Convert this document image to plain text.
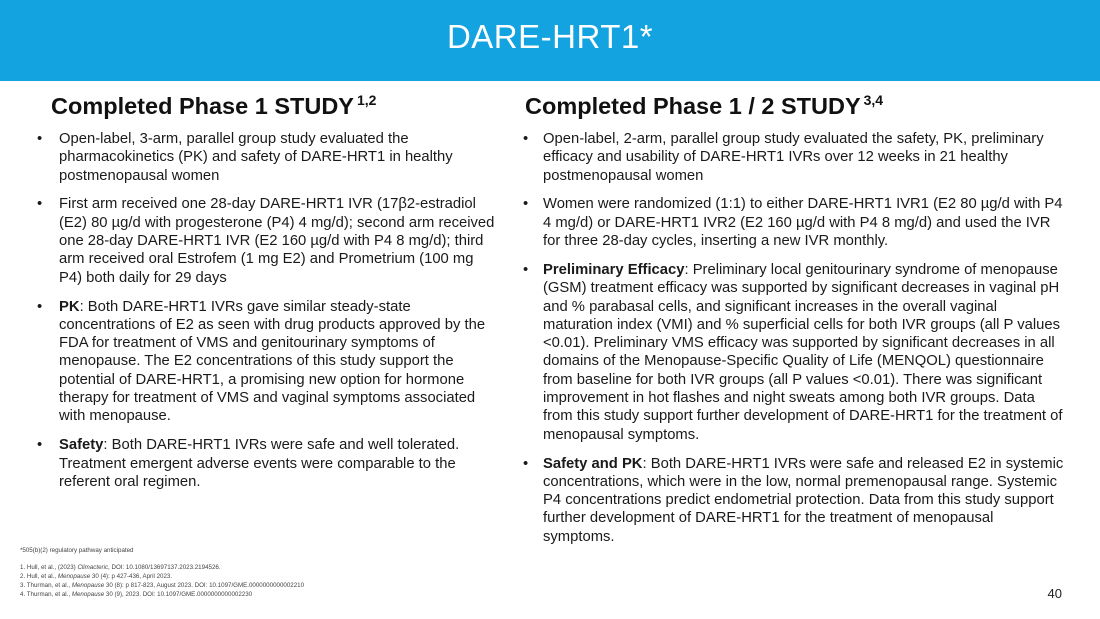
DARE-HRT1*
Completed Phase 1 STUDY $^{1,2}$
• Open-label, 3-arm, parallel group study evaluated the pharmacokinetics (PK) and safety of DARE-HRT1 in healthy postmenopausal women
• First arm received one 28-day DARE-HRT1 IVR (17β2-estradiol (E2) 80 µg/d with progesterone (P4) 4 mg/d); second arm received one 28-day DARE-HRT1 IVR (E2 160 µg/d with P4 8 mg/d); third arm received oral Estrofem (1 mg E2) and Prometrium (100 mg P4) both daily for 29 days
• PK: Both DARE-HRT1 IVRs gave similar steady-state concentrations of E2 as seen with drug products approved by the FDA for treatment of VMS and genitourinary symptoms of menopause. The E2 concentrations of this study support the potential of DARE-HRT1, a promising new option for hormone therapy for treatment of VMS and vaginal symptoms associated with menopause.
• Safety: Both DARE-HRT1 IVRs were safe and well tolerated. Treatment emergent adverse events were comparable to the referent oral regimen.
Completed Phase 1 / 2 STUDY $^{3,4}$
• Open-label, 2-arm, parallel group study evaluated the safety, PK, preliminary efficacy and usability of DARE-HRT1 IVRs over 12 weeks in 21 healthy postmenopausal women
• Women were randomized (1:1) to either DARE-HRT1 IVR1 (E2 80 µg/d with P4 4 mg/d) or DARE-HRT1 IVR2 (E2 160 µg/d with P4 8 mg/d) and used the IVR for three 28-day cycles, inserting a new IVR monthly.
• Preliminary Efficacy: Preliminary local genitourinary syndrome of menopause (GSM) treatment efficacy was supported by significant decreases in vaginal pH and % parabasal cells, and significant increases in the overall vaginal maturation index (VMI) and % superficial cells for both IVR groups (all P values <0.01). Preliminary VMS efficacy was supported by significant decreases in all domains of the Menopause-Specific Quality of Life (MENQOL) questionnaire from baseline for both IVR groups (all P values <0.01). There was significant improvement in hot flashes and night sweats among both IVR groups. Data from this study support further development of DARE-HRT1 for the treatment of menopausal symptoms.
• Safety and PK: Both DARE-HRT1 IVRs were safe and released E2 in systemic concentrations, which were in the low, normal premenopausal range. Systemic P4 concentrations predict endometrial protection. Data from this study support further development of DARE-HRT1 for the treatment of menopausal symptoms.
*505(b)(2) regulatory pathway anticipated
1. Hull, et al., (2023) Climacteric, DOI: 10.1080/13697137.2023.2194526.
2. Hull, et al., Menopause 30 (4): p 427-436, April 2023.
3. Thurman, et al., Menopause 30 (8): p 817-823, August 2023. DOI: 10.1097/GME.0000000000002210
4. Thurman, et al., Menopause 30 (9), 2023. DOI: 10.1097/GME.0000000000002230	40
